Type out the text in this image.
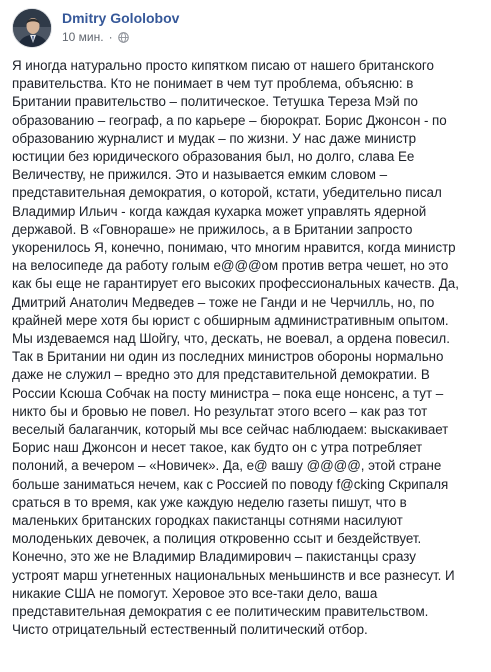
Dmitry Gololobov
10 мин. ·
Я иногда натурально просто кипятком писаю от нашего британского
правительства. Кто не понимает в чем тут проблема, объясню: в
Британии правительство – политическое. Тетушка Тереза Мэй по
образованию – географ, а по карьере – бюрократ. Борис Джонсон - по
образованию журналист и мудак – по жизни. У нас даже министр
юстиции без юридического образования был, но долго, слава Ее
Величеству, не прижился. Это и называется емким словом –
представительная демократия, о которой, кстати, убедительно писал
Владимир Ильич - когда каждая кухарка может управлять ядерной
державой. В «Говнораше» не прижилось, а в Британии запросто
укоренилось Я, конечно, понимаю, что многим нравится, когда министр
на велосипеде да работу голым е@@@ом против ветра чешет, но это
как бы еще не гарантирует его высоких профессиональных качеств. Да,
Дмитрий Анатолич Медведев – тоже не Ганди и не Черчилль, но, по
крайней мере хотя бы юрист с обширным административным опытом.
Мы издеваемся над Шойгу, что, дескать, не воевал, а ордена повесил.
Так в Британии ни один из последних министров обороны нормально
даже не служил – вредно это для представительной демократии. В
России Ксюша Собчак на посту министра – пока еще нонсенс, а тут –
никто бы и бровью не повел. Но результат этого всего – как раз тот
веселый балаганчик, который мы все сейчас наблюдаем: выскакивает
Борис наш Джонсон и несет такое, как будто он с утра потребляет
полоний, а вечером – «Новичек». Да, е@ вашу @@@@, этой стране
больше заниматься нечем, как с Россией по поводу f@cking Скрипаля
сраться в то время, как уже каждую неделю газеты пишут, что в
маленьких британских городках пакистанцы сотнями насилуют
молоденьких девочек, а полиция откровенно ссыт и бездействует.
Конечно, это же не Владимир Владимирович – пакистанцы сразу
устроят марш угнетенных национальных меньшинств и все разнесут. И
никакие США не помогут. Херовое это все-таки дело, ваша
представительная демократия с ее политическим правительством.
Чисто отрицательный естественный политический отбор.
